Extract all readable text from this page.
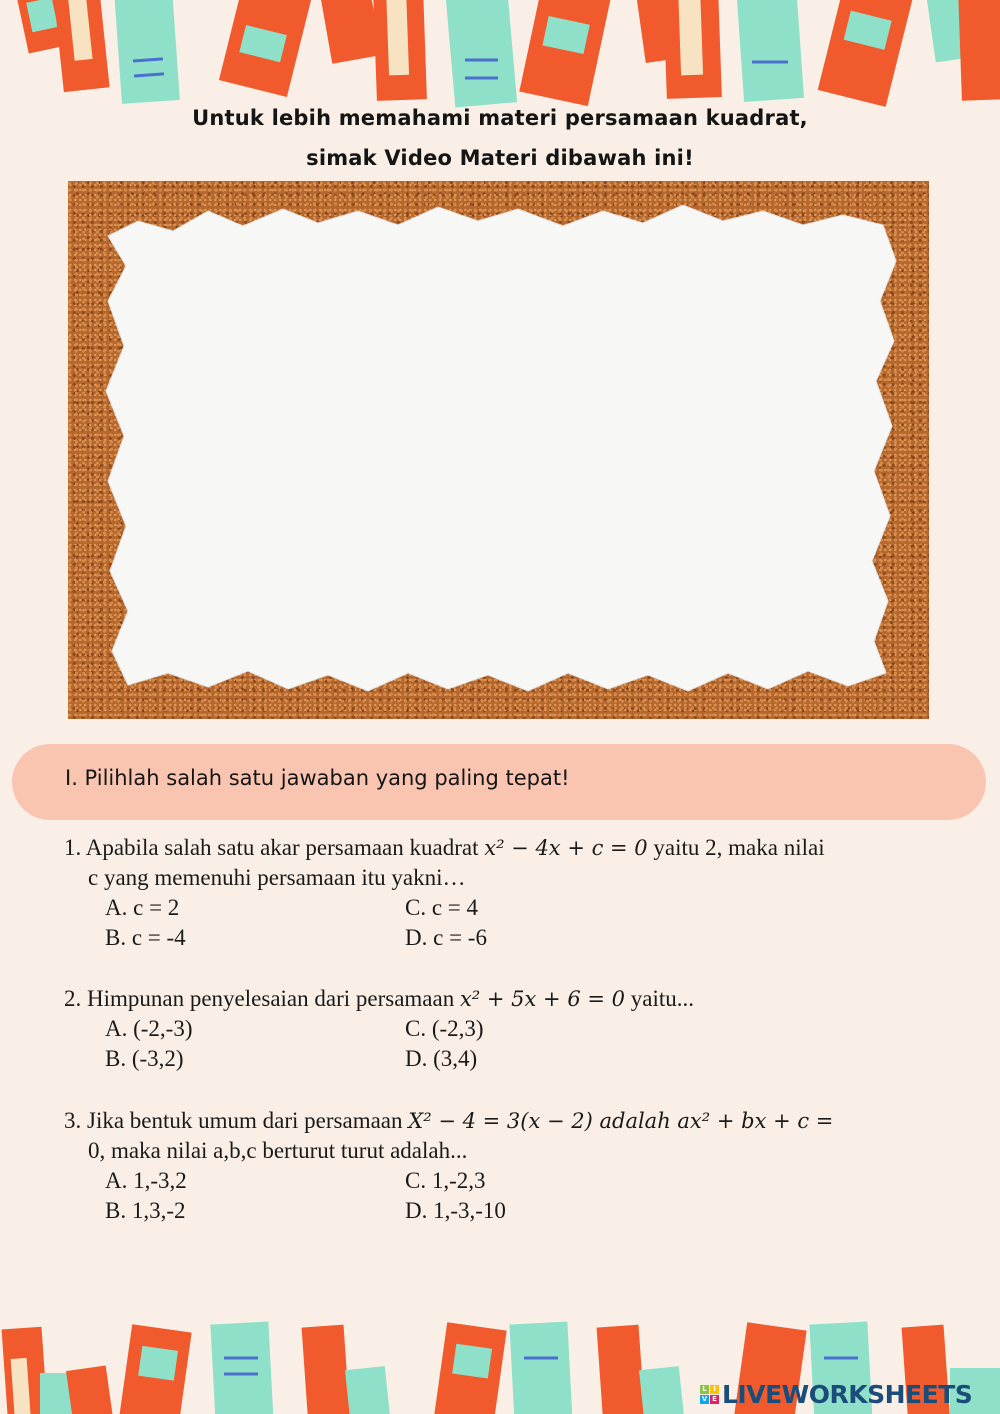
Untuk lebih memahami materi persamaan kuadrat,
simak Video Materi dibawah ini!
I. Pilihlah salah satu jawaban yang paling tepat!
1. Apabila salah satu akar persamaan kuadrat x² − 4x + c = 0 yaitu 2, maka nilai
c yang memenuhi persamaan itu yakni…
A. c = 2	C. c = 4
B. c = -4	D. c = -6
2. Himpunan penyelesaian dari persamaan x² + 5x + 6 = 0 yaitu...
A. (-2,-3)	C. (-2,3)
B. (-3,2)	D. (3,4)
3. Jika bentuk umum dari persamaan X² − 4 = 3(x − 2) adalah ax² + bx + c =
0, maka nilai a,b,c berturut turut adalah...
A. 1,-3,2	C. 1,-2,3
B. 1,3,-2	D. 1,-3,-10
L I
V E LIVEWORKSHEETS
